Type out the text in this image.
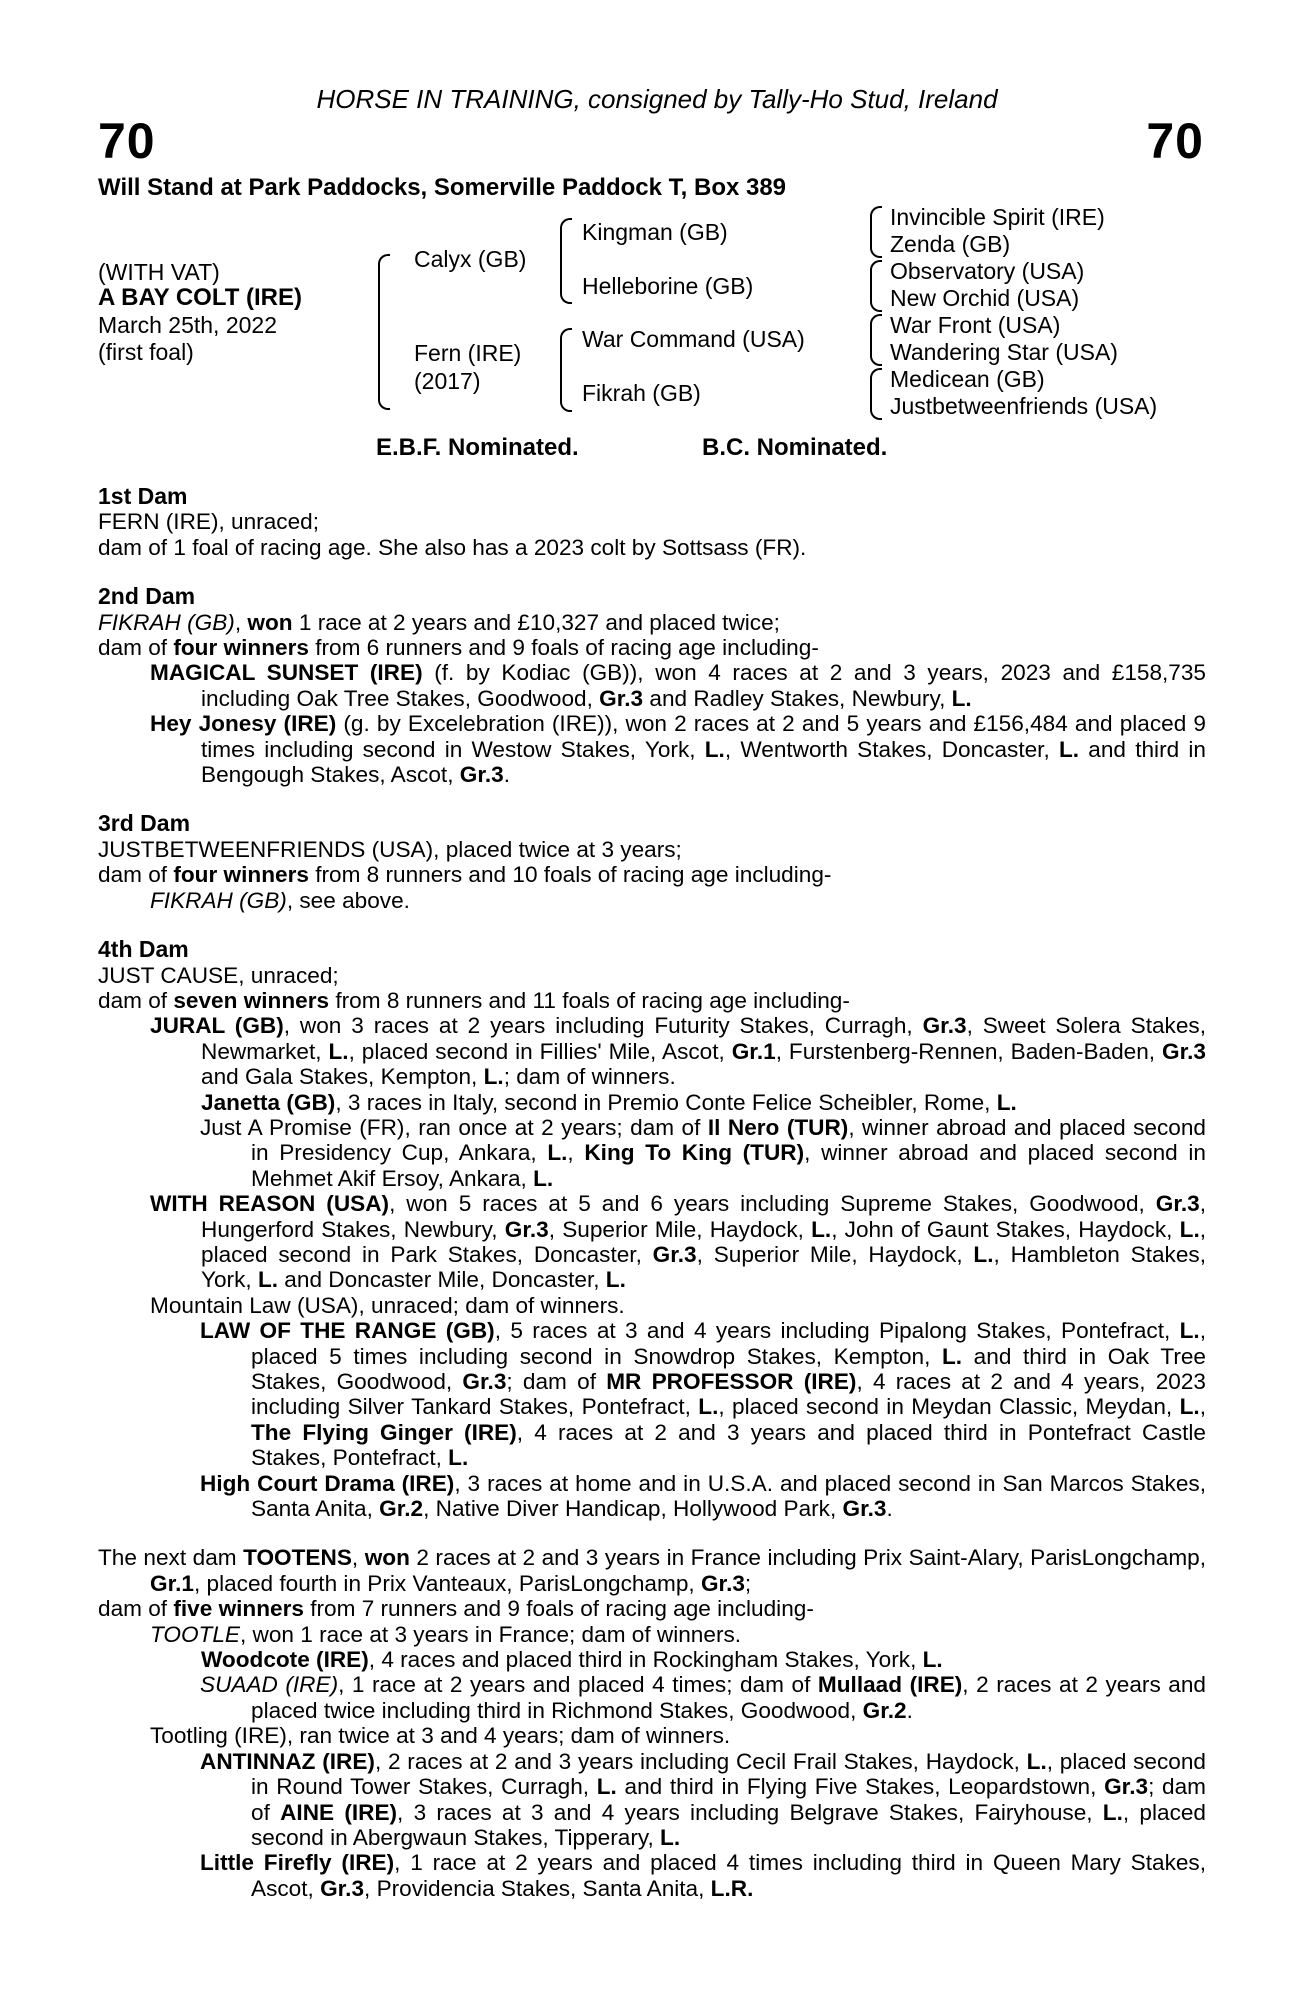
HORSE IN TRAINING, consigned by Tally-Ho Stud, Ireland
70	70
Will Stand at Park Paddocks, Somerville Paddock T, Box 389
(WITH VAT)
A BAY COLT (IRE)
March 25th, 2022
(first foal)
Calyx (GB)
Fern (IRE)
(2017)
Kingman (GB)
Helleborine (GB)
War Command (USA)
Fikrah (GB)
Invincible Spirit (IRE)
Zenda (GB)
Observatory (USA)
New Orchid (USA)
War Front (USA)
Wandering Star (USA)
Medicean (GB)
Justbetweenfriends (USA)
E.B.F. Nominated.	B.C. Nominated.
1st Dam
FERN (IRE), unraced;
dam of 1 foal of racing age. She also has a 2023 colt by Sottsass (FR).
2nd Dam
FIKRAH (GB), won 1 race at 2 years and £10,327 and placed twice;
dam of four winners from 6 runners and 9 foals of racing age including-
MAGICAL SUNSET (IRE) (f. by Kodiac (GB)), won 4 races at 2 and 3 years, 2023 and £158,735 including Oak Tree Stakes, Goodwood, Gr.3 and Radley Stakes, Newbury, L.
Hey Jonesy (IRE) (g. by Excelebration (IRE)), won 2 races at 2 and 5 years and £156,484 and placed 9 times including second in Westow Stakes, York, L., Wentworth Stakes, Doncaster, L. and third in Bengough Stakes, Ascot, Gr.3.
3rd Dam
JUSTBETWEENFRIENDS (USA), placed twice at 3 years;
dam of four winners from 8 runners and 10 foals of racing age including-
FIKRAH (GB), see above.
4th Dam
JUST CAUSE, unraced;
dam of seven winners from 8 runners and 11 foals of racing age including-
JURAL (GB), won 3 races at 2 years including Futurity Stakes, Curragh, Gr.3, Sweet Solera Stakes, Newmarket, L., placed second in Fillies' Mile, Ascot, Gr.1, Furstenberg-Rennen, Baden-Baden, Gr.3 and Gala Stakes, Kempton, L.; dam of winners.
Janetta (GB), 3 races in Italy, second in Premio Conte Felice Scheibler, Rome, L.
Just A Promise (FR), ran once at 2 years; dam of Il Nero (TUR), winner abroad and placed second in Presidency Cup, Ankara, L., King To King (TUR), winner abroad and placed second in Mehmet Akif Ersoy, Ankara, L.
WITH REASON (USA), won 5 races at 5 and 6 years including Supreme Stakes, Goodwood, Gr.3, Hungerford Stakes, Newbury, Gr.3, Superior Mile, Haydock, L., John of Gaunt Stakes, Haydock, L., placed second in Park Stakes, Doncaster, Gr.3, Superior Mile, Haydock, L., Hambleton Stakes, York, L. and Doncaster Mile, Doncaster, L.
Mountain Law (USA), unraced; dam of winners.
LAW OF THE RANGE (GB), 5 races at 3 and 4 years including Pipalong Stakes, Pontefract, L., placed 5 times including second in Snowdrop Stakes, Kempton, L. and third in Oak Tree Stakes, Goodwood, Gr.3; dam of MR PROFESSOR (IRE), 4 races at 2 and 4 years, 2023 including Silver Tankard Stakes, Pontefract, L., placed second in Meydan Classic, Meydan, L., The Flying Ginger (IRE), 4 races at 2 and 3 years and placed third in Pontefract Castle Stakes, Pontefract, L.
High Court Drama (IRE), 3 races at home and in U.S.A. and placed second in San Marcos Stakes, Santa Anita, Gr.2, Native Diver Handicap, Hollywood Park, Gr.3.
The next dam TOOTENS, won 2 races at 2 and 3 years in France including Prix Saint-Alary, ParisLongchamp, Gr.1, placed fourth in Prix Vanteaux, ParisLongchamp, Gr.3;
dam of five winners from 7 runners and 9 foals of racing age including-
TOOTLE, won 1 race at 3 years in France; dam of winners.
Woodcote (IRE), 4 races and placed third in Rockingham Stakes, York, L.
SUAAD (IRE), 1 race at 2 years and placed 4 times; dam of Mullaad (IRE), 2 races at 2 years and placed twice including third in Richmond Stakes, Goodwood, Gr.2.
Tootling (IRE), ran twice at 3 and 4 years; dam of winners.
ANTINNAZ (IRE), 2 races at 2 and 3 years including Cecil Frail Stakes, Haydock, L., placed second in Round Tower Stakes, Curragh, L. and third in Flying Five Stakes, Leopardstown, Gr.3; dam of AINE (IRE), 3 races at 3 and 4 years including Belgrave Stakes, Fairyhouse, L., placed second in Abergwaun Stakes, Tipperary, L.
Little Firefly (IRE), 1 race at 2 years and placed 4 times including third in Queen Mary Stakes, Ascot, Gr.3, Providencia Stakes, Santa Anita, L.R.
